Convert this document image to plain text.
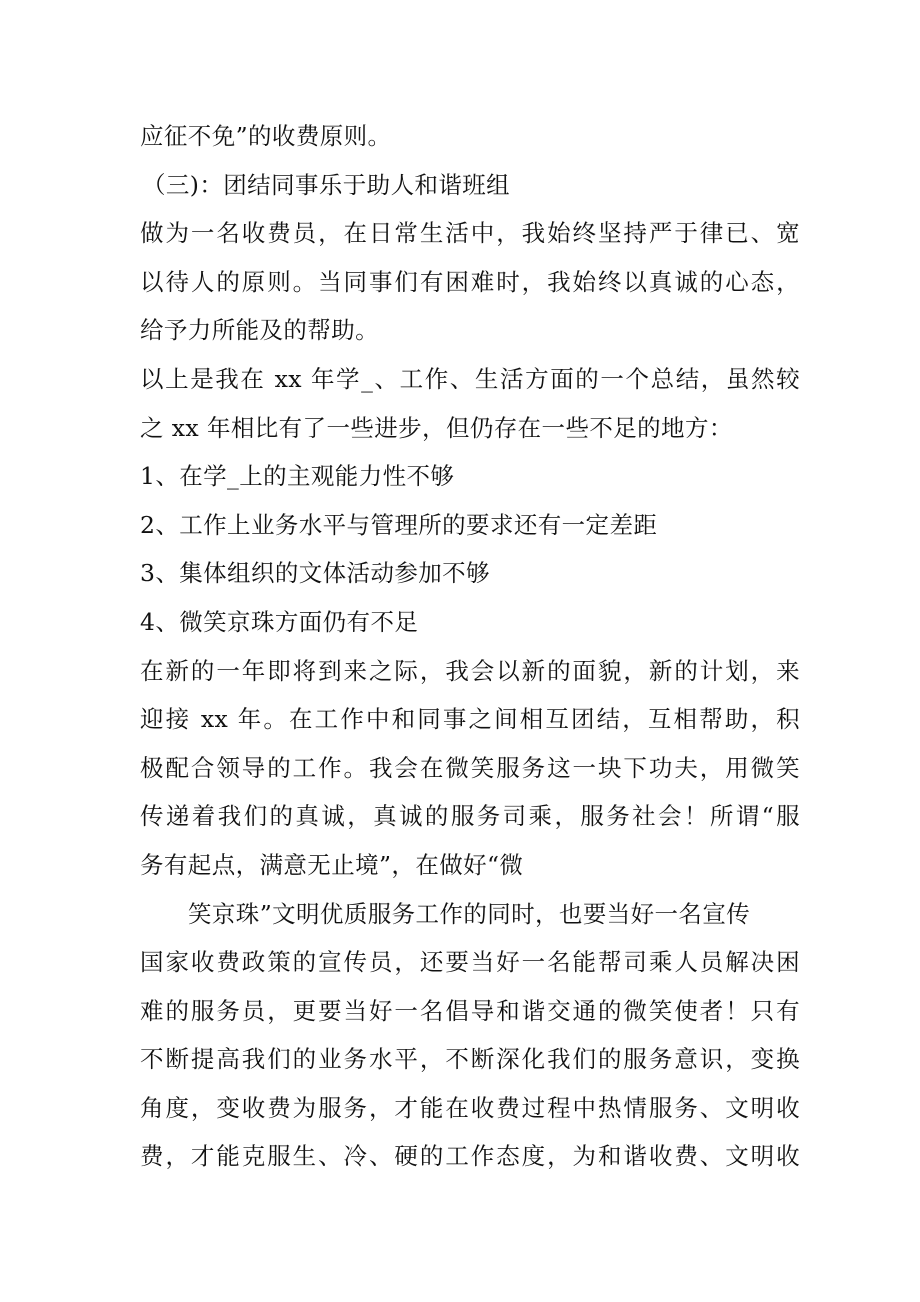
应征不免”的收费原则。
（三)：团结同事乐于助人和谐班组
做为一名收费员，在日常生活中，我始终坚持严于律已、宽
以待人的原则。当同事们有困难时，我始终以真诚的心态，
给予力所能及的帮助。
以上是我在 xx 年学_、工作、生活方面的一个总结，虽然较
之 xx 年相比有了一些进步，但仍存在一些不足的地方：
1、在学_上的主观能力性不够
2、工作上业务水平与管理所的要求还有一定差距
3、集体组织的文体活动参加不够
4、微笑京珠方面仍有不足
在新的一年即将到来之际，我会以新的面貌，新的计划，来
迎接 xx 年。在工作中和同事之间相互团结，互相帮助，积
极配合领导的工作。我会在微笑服务这一块下功夫，用微笑
传递着我们的真诚，真诚的服务司乘，服务社会！所谓“服
务有起点，满意无止境”，在做好“微
笑京珠”文明优质服务工作的同时，也要当好一名宣传
国家收费政策的宣传员，还要当好一名能帮司乘人员解决困
难的服务员，更要当好一名倡导和谐交通的微笑使者！只有
不断提高我们的业务水平，不断深化我们的服务意识，变换
角度，变收费为服务，才能在收费过程中热情服务、文明收
费，才能克服生、冷、硬的工作态度，为和谐收费、文明收
